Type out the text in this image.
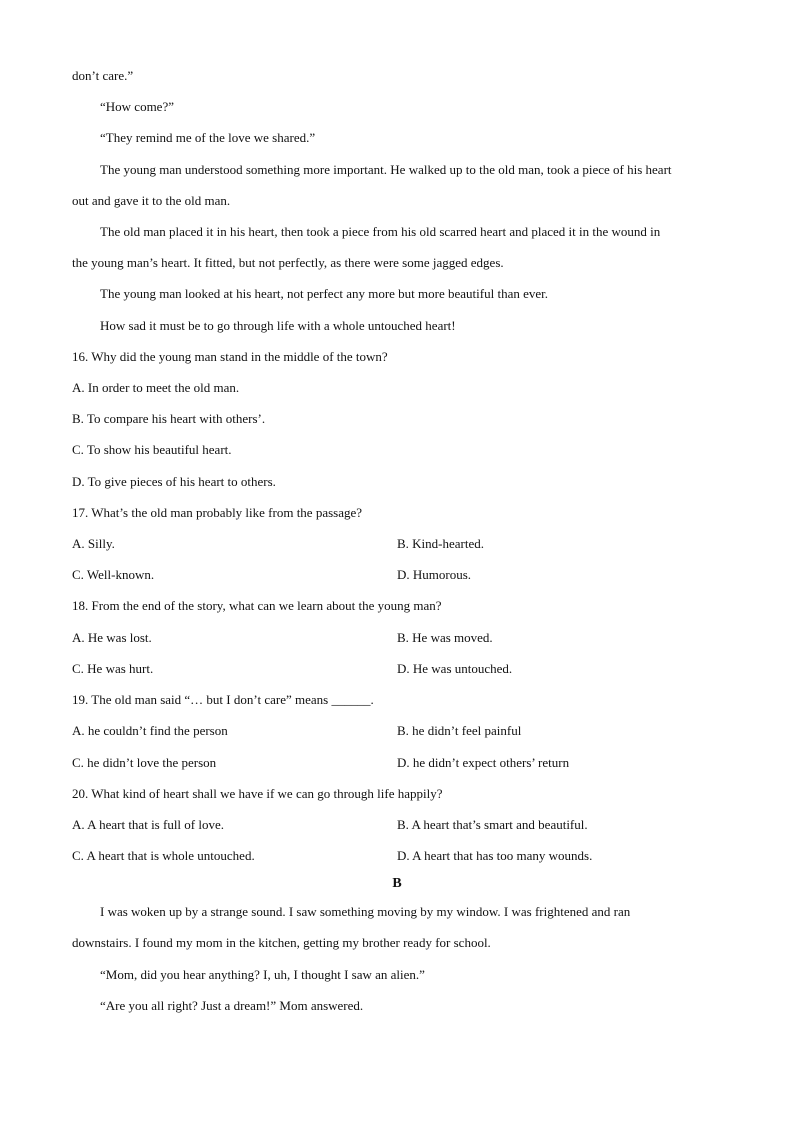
don’t care.”
“How come?”
“They remind me of the love we shared.”
The young man understood something more important. He walked up to the old man, took a piece of his heart
out and gave it to the old man.
The old man placed it in his heart, then took a piece from his old scarred heart and placed it in the wound in
the young man’s heart. It fitted, but not perfectly, as there were some jagged edges.
The young man looked at his heart, not perfect any more but more beautiful than ever.
How sad it must be to go through life with a whole untouched heart!
16. Why did the young man stand in the middle of the town?
A. In order to meet the old man.
B. To compare his heart with others’.
C. To show his beautiful heart.
D. To give pieces of his heart to others.
17. What’s the old man probably like from the passage?
A. Silly.	B. Kind-hearted.
C. Well-known.	D. Humorous.
18. From the end of the story, what can we learn about the young man?
A. He was lost.	B. He was moved.
C. He was hurt.	D. He was untouched.
19. The old man said “… but I don’t care” means ______.
A. he couldn’t find the person	B. he didn’t feel painful
C. he didn’t love the person	D. he didn’t expect others’ return
20. What kind of heart shall we have if we can go through life happily?
A. A heart that is full of love.	B. A heart that’s smart and beautiful.
C. A heart that is whole untouched.	D. A heart that has too many wounds.
B
I was woken up by a strange sound. I saw something moving by my window. I was frightened and ran
downstairs. I found my mom in the kitchen, getting my brother ready for school.
“Mom, did you hear anything? I, uh, I thought I saw an alien.”
“Are you all right? Just a dream!” Mom answered.
